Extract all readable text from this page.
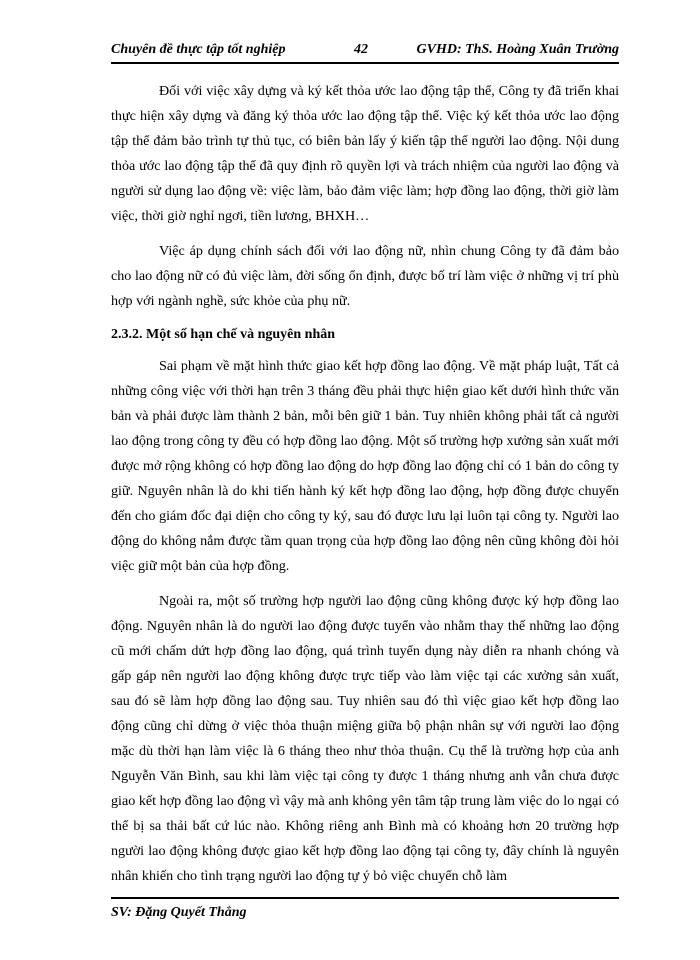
Chuyên đề thực tập tốt nghiệp	42	GVHD: ThS. Hoàng Xuân Trường

Đối với việc xây dựng và ký kết thỏa ước lao động tập thể, Công ty đã triển khai thực hiện xây dựng và đăng ký thỏa ước lao động tập thể. Việc ký kết thỏa ước lao động tập thể đảm bảo trình tự thủ tục, có biên bản lấy ý kiến tập thể người lao động. Nội dung thỏa ước lao động tập thể đã quy định rõ quyền lợi và trách nhiệm của người lao động và người sử dụng lao động về: việc làm, bảo đảm việc làm; hợp đồng lao động, thời giờ làm việc, thời giờ nghỉ ngơi, tiền lương, BHXH…

Việc áp dụng chính sách đối với lao động nữ, nhìn chung Công ty đã đảm bảo cho lao động nữ có đủ việc làm, đời sống ổn định, được bố trí làm việc ở những vị trí phù hợp với ngành nghề, sức khỏe của phụ nữ.

2.3.2. Một số hạn chế và nguyên nhân

Sai phạm về mặt hình thức giao kết hợp đồng lao động. Về mặt pháp luật, Tất cả những công việc với thời hạn trên 3 tháng đều phải thực hiện giao kết dưới hình thức văn bản và phải được làm thành 2 bản, mỗi bên giữ 1 bản. Tuy nhiên không phải tất cả người lao động trong công ty đều có hợp đồng lao động. Một số trường hợp xưởng sản xuất mới được mở rộng không có hợp đồng lao động do hợp đồng lao động chỉ có 1 bản do công ty giữ. Nguyên nhân là do khi tiến hành ký kết hợp đồng lao động, hợp đồng được chuyển đến cho giám đốc đại diện cho công ty ký, sau đó được lưu lại luôn tại công ty. Người lao động do không nắm được tầm quan trọng của hợp đồng lao động nên cũng không đòi hỏi việc giữ một bản của hợp đồng.

Ngoài ra, một số trường hợp người lao động cũng không được ký hợp đồng lao động. Nguyên nhân là do người lao động được tuyển vào nhằm thay thế những lao động cũ mới chấm dứt hợp đồng lao động, quá trình tuyển dụng này diễn ra nhanh chóng và gấp gáp nên người lao động không được trực tiếp vào làm việc tại các xưởng sản xuất, sau đó sẽ làm hợp đồng lao động sau. Tuy nhiên sau đó thì việc giao kết hợp đồng lao động cũng chỉ dừng ở việc thỏa thuận miệng giữa bộ phận nhân sự với người lao động mặc dù thời hạn làm việc là 6 tháng theo như thỏa thuận. Cụ thể là trường hợp của anh Nguyễn Văn Bình, sau khi làm việc tại công ty được 1 tháng nhưng anh vẫn chưa được giao kết hợp đồng lao động vì vậy mà anh không yên tâm tập trung làm việc do lo ngại có thể bị sa thải bất cứ lúc nào. Không riêng anh Bình mà có khoảng hơn 20 trường hợp người lao động không được giao kết hợp đồng lao động tại công ty, đây chính là nguyên nhân khiến cho tình trạng người lao động tự ý bỏ việc chuyển chỗ làm

SV: Đặng Quyết Thắng
